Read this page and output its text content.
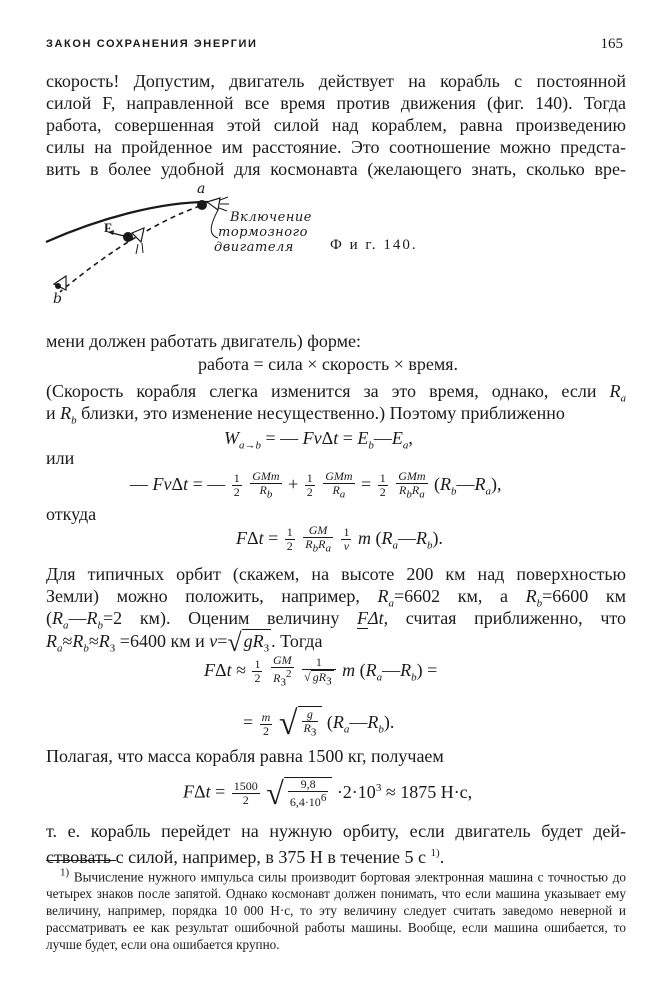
ЗАКОН СОХРАНЕНИЯ ЭНЕРГИИ	165
скорость! Допустим, двигатель действует на корабль с постоянной
силой F, направленной все время против движения (фиг. 140). Тогда
работа, совершенная этой силой над кораблем, равна произведению
силы на пройденное им расстояние. Это соотношение можно предста-
вить в более удобной для космонавта (желающего знать, сколько вре-
a
b
F
Включение
тормозного
двигателя Ф и г. 140.
мени должен работать двигатель) форме:
работа = сила × скорость × время.
(Скорость корабля слегка изменится за это время, однако, если $R_a$
и $R_b$ близки, это изменение несущественно.) Поэтому приближенно
$W_{a\to b}$ = — $Fv\Delta t = E_b—E_a$,
или
— FvΔt = — $\frac{1}{2}$
$\frac{\text{GMm}}{R_b} + \frac{1}{2}$
$\frac{\text{GMm}}{R_a} = \frac{1}{2}$
$\frac{\text{GMm}}{R_bR_a}$ $(R_b—R_a)$,
откуда
$F\Delta t = \frac{1}{2}$
$\frac{GM}{R_bR_a}$
$\frac{1}{v}$ m $(R_a—R_b)$.
Для типичных орбит (скажем, на высоте 200 км над поверхностью
Земли) можно положить, например, $R_a=6602$ км, а $R_b=6600$ км
($R_a—R_b=2$ км). Оценим величину FΔt, считая приближенно, что
$R_a\approx R_b\approx R_З =6400$ км и v=√ $gR_З$ . Тогда
$F\Delta t \approx \frac{1}{2}$
$\frac{GM}{R_З^2}$
$\frac{1}{√ gR_З}$ m $(R_a—R_b)$ =
= $\frac{m}{2}$ √ $\frac{g}{R_З}$ $(R_a—R_b)$.
Полагая, что масса корабля равна 1500 кг, получаем
$F\Delta t = \frac{1500}{2}$ √ $\frac{9,8}{6,4\cdot 10^6} \cdot 2\cdot 10^3 \approx 1875$ Н·с,
т. е. корабль перейдет на нужную орбиту, если двигатель будет дей-
ствовать с силой, например, в 375 Н в течение 5 с $^{1)}$.
$^{1)}$ Вычисление нужного импульса силы производит бортовая электронная машина с точностью до четырех знаков после запятой. Однако космонавт должен понимать, что если машина указывает ему величину, например, порядка 10 000 Н·с, то эту величину следует считать заведомо неверной и рассматривать ее как результат ошибочной работы машины. Вообще, если машина ошибается, то лучше будет, если она ошибается крупно.
